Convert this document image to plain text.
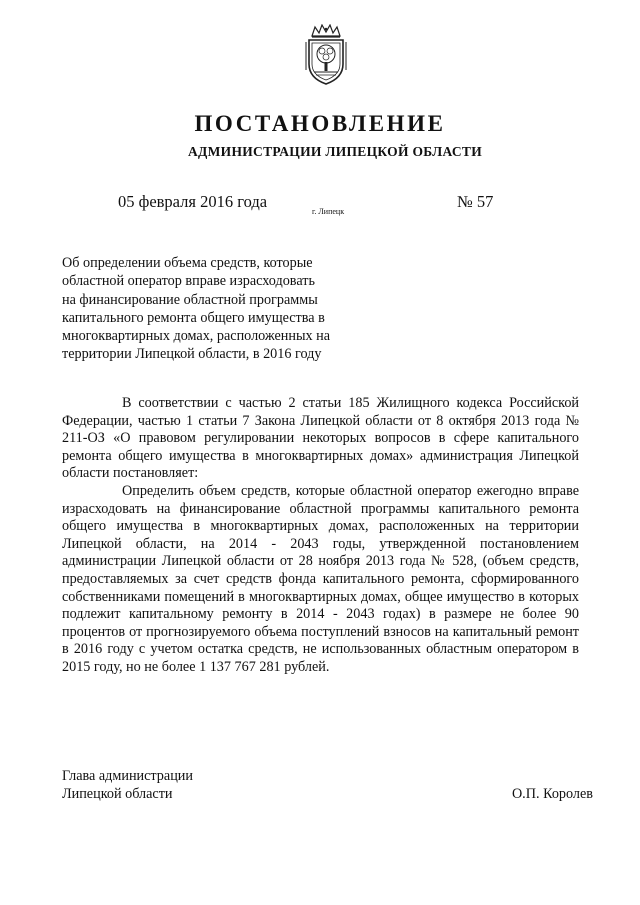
ПОСТАНОВЛЕНИЕ
АДМИНИСТРАЦИИ ЛИПЕЦКОЙ ОБЛАСТИ
05 февраля 2016 года
г. Липецк
№ 57
Об определении объема средств, которые
областной оператор вправе израсходовать
на финансирование областной программы
капитального ремонта общего имущества в
многоквартирных домах, расположенных на
территории Липецкой области, в 2016 году

В соответствии с частью 2 статьи 185 Жилищного кодекса Российской Федерации, частью 1 статьи 7 Закона Липецкой области от 8 октября 2013 года № 211-ОЗ «О правовом регулировании некоторых вопросов в сфере капитального ремонта общего имущества в многоквартирных домах» администрация Липецкой области постановляет:

Определить объем средств, которые областной оператор ежегодно вправе израсходовать на финансирование областной программы капитального ремонта общего имущества в многоквартирных домах, расположенных на территории Липецкой области, на 2014 - 2043 годы, утвержденной постановлением администрации Липецкой области от 28 ноября 2013 года № 528, (объем средств, предоставляемых за счет средств фонда капитального ремонта, сформированного собственниками помещений в многоквартирных домах, общее имущество в которых подлежит капитальному ремонту в 2014 - 2043 годах) в размере не более 90 процентов от прогнозируемого объема поступлений взносов на капитальный ремонт в 2016 году с учетом остатка средств, не использованных областным оператором в 2015 году, но не более 1 137 767 281 рублей.

Глава администрации
Липецкой области	О.П. Королев
